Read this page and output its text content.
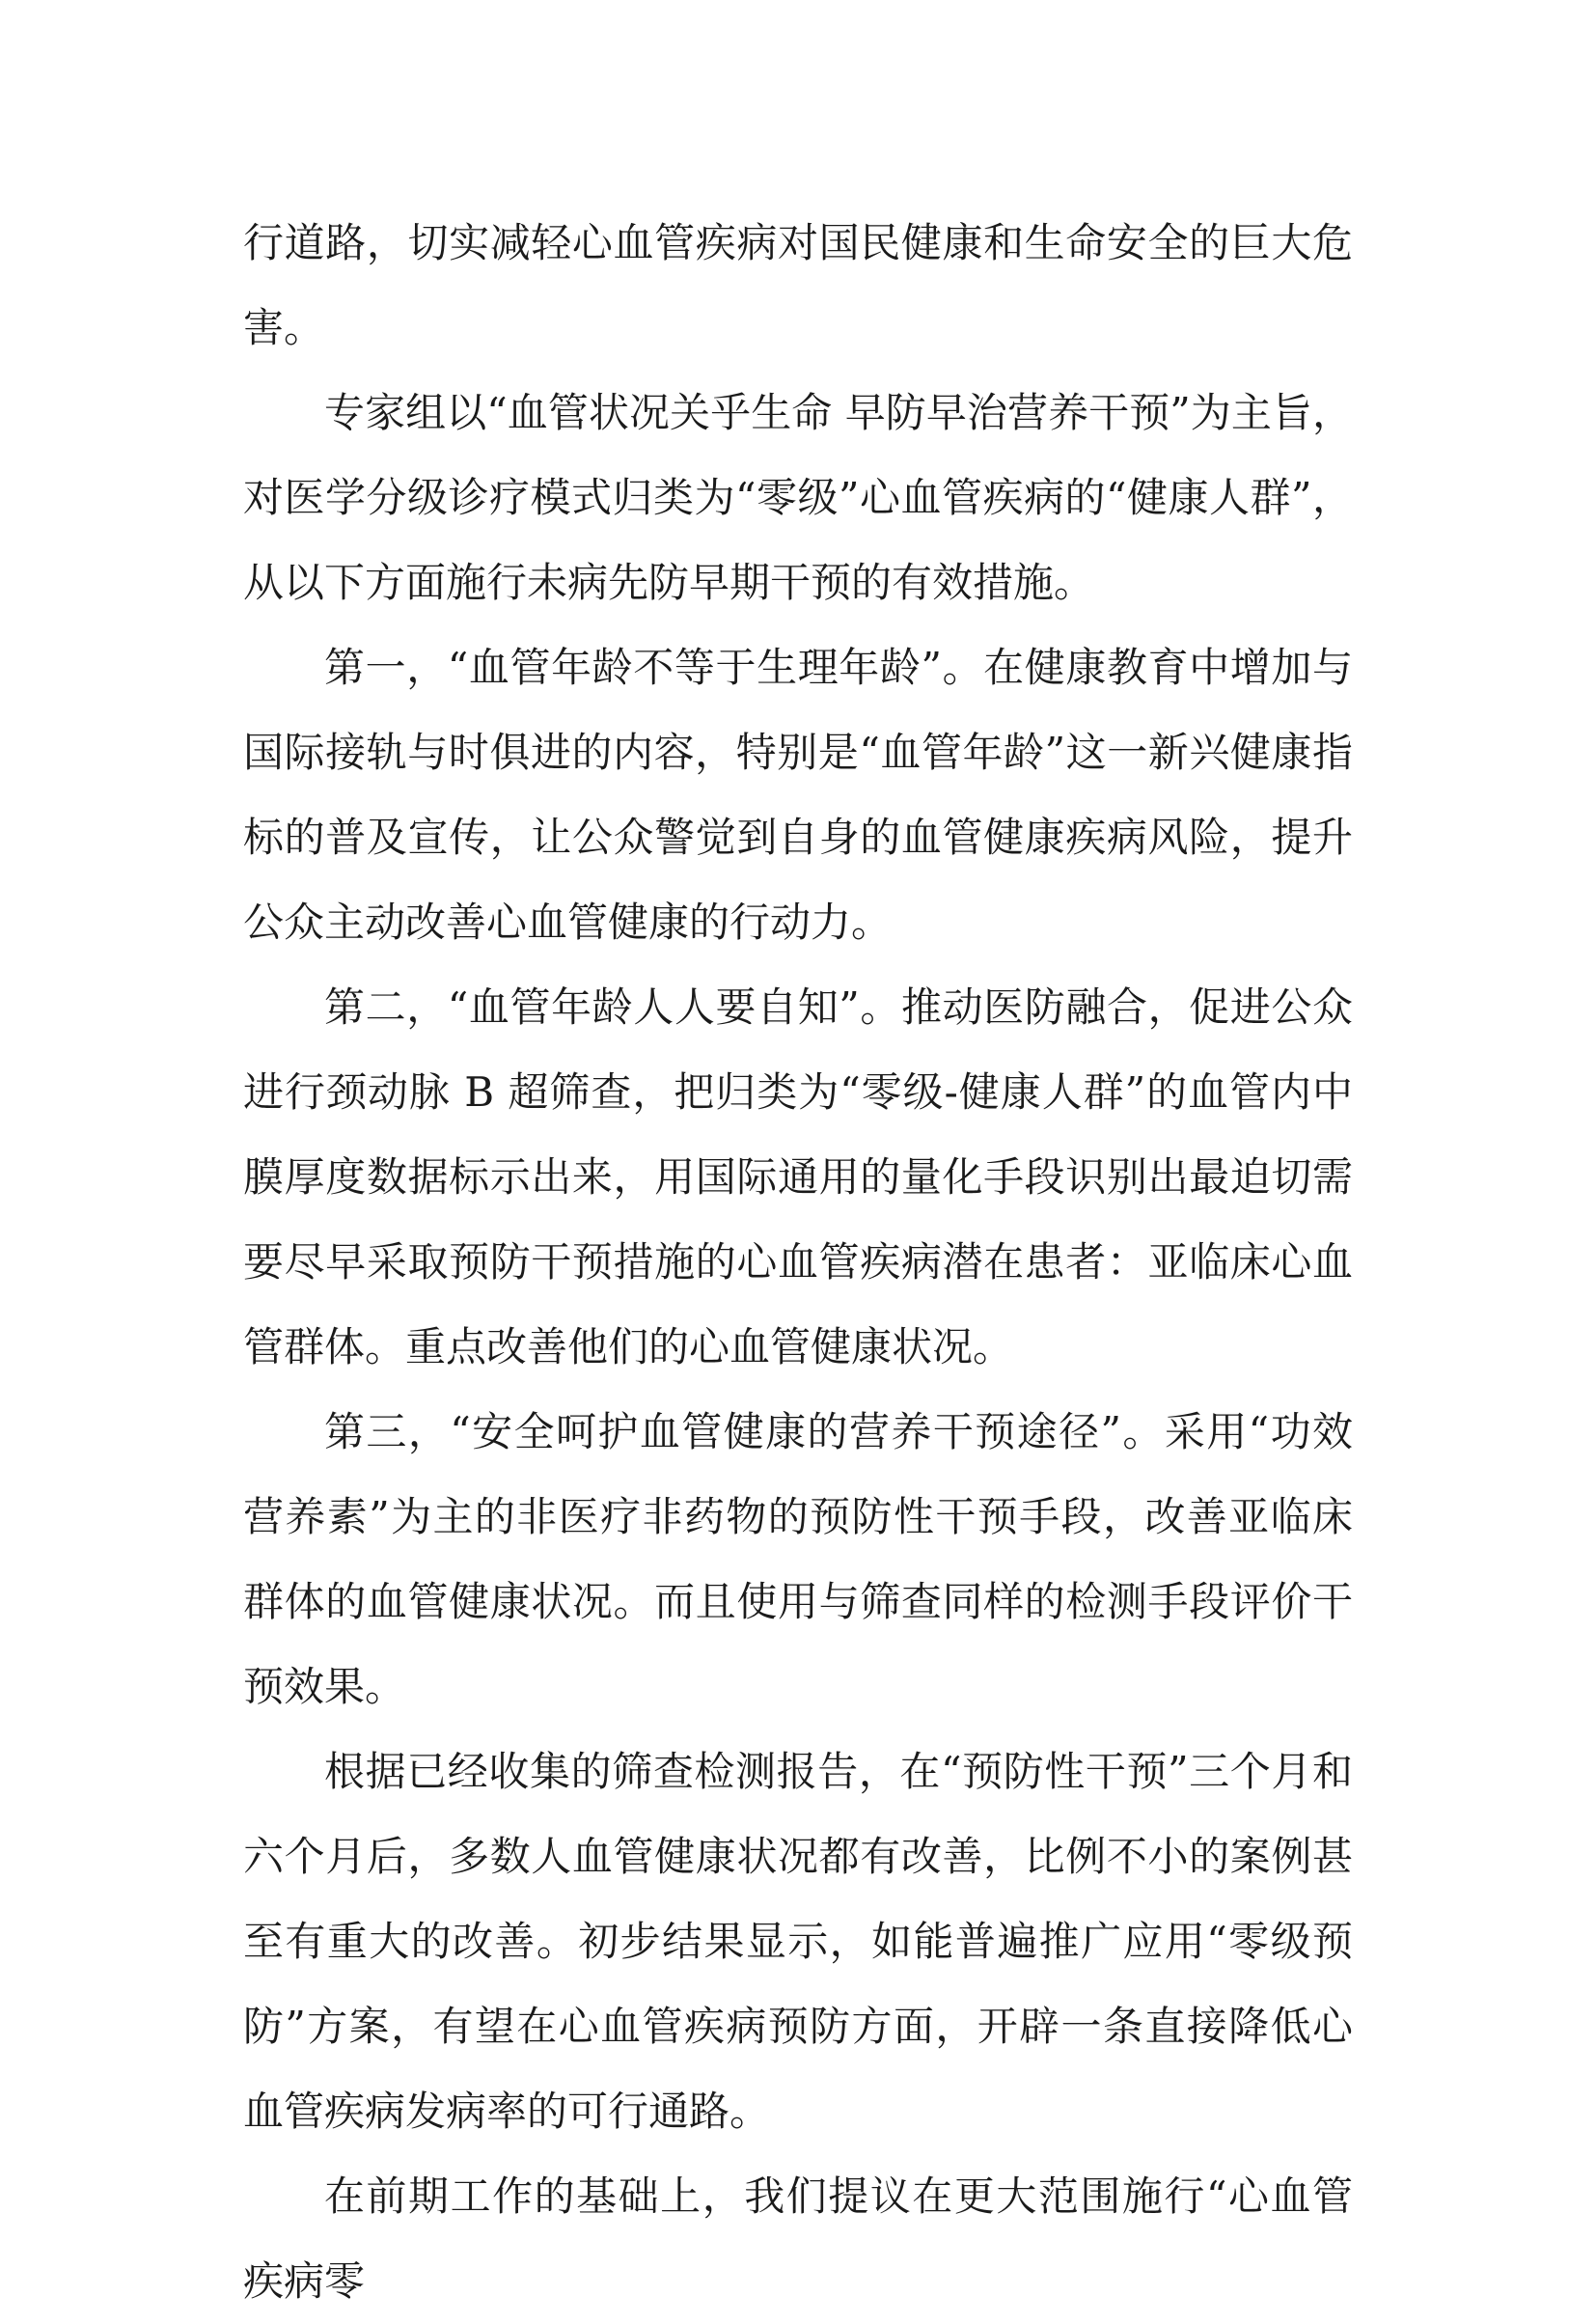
行道路，切实减轻心血管疾病对国民健康和生命安全的巨大危害。

专家组以“血管状况关乎生命 早防早治营养干预”为主旨，对医学分级诊疗模式归类为“零级”心血管疾病的“健康人群”，从以下方面施行未病先防早期干预的有效措施。

第一，“血管年龄不等于生理年龄”。在健康教育中增加与国际接轨与时俱进的内容，特别是“血管年龄”这一新兴健康指标的普及宣传，让公众警觉到自身的血管健康疾病风险，提升公众主动改善心血管健康的行动力。

第二，“血管年龄人人要自知”。推动医防融合，促进公众进行颈动脉 B 超筛查，把归类为“零级-健康人群”的血管内中膜厚度数据标示出来，用国际通用的量化手段识别出最迫切需要尽早采取预防干预措施的心血管疾病潜在患者：亚临床心血管群体。重点改善他们的心血管健康状况。

第三，“安全呵护血管健康的营养干预途径”。采用“功效营养素”为主的非医疗非药物的预防性干预手段，改善亚临床群体的血管健康状况。而且使用与筛查同样的检测手段评价干预效果。

根据已经收集的筛查检测报告，在“预防性干预”三个月和六个月后，多数人血管健康状况都有改善，比例不小的案例甚至有重大的改善。初步结果显示，如能普遍推广应用“零级预防”方案，有望在心血管疾病预防方面，开辟一条直接降低心血管疾病发病率的可行通路。

在前期工作的基础上，我们提议在更大范围施行“心血管疾病零
